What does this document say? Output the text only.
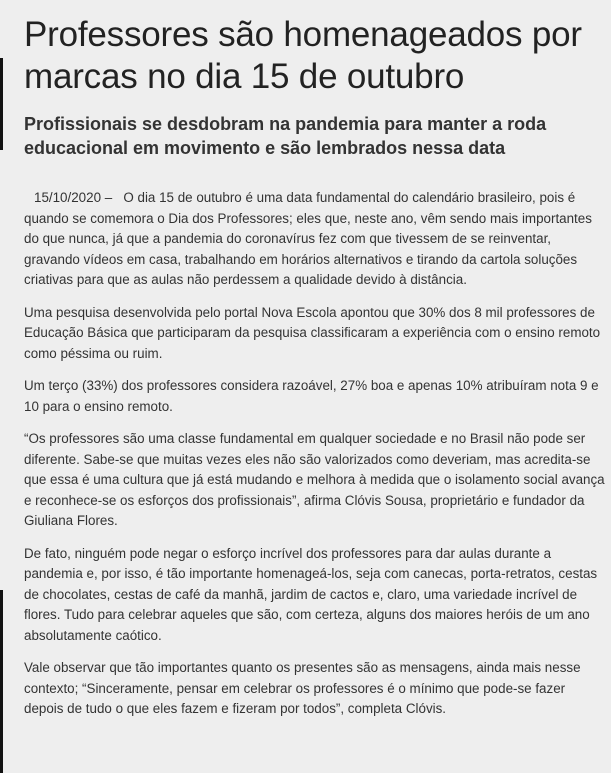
Professores são homenageados por marcas no dia 15 de outubro
Profissionais se desdobram na pandemia para manter a roda educacional em movimento e são lembrados nessa data

15/10/2020 – O dia 15 de outubro é uma data fundamental do calendário brasileiro, pois é quando se comemora o Dia dos Professores; eles que, neste ano, vêm sendo mais importantes do que nunca, já que a pandemia do coronavírus fez com que tivessem de se reinventar, gravando vídeos em casa, trabalhando em horários alternativos e tirando da cartola soluções criativas para que as aulas não perdessem a qualidade devido à distância.

Uma pesquisa desenvolvida pelo portal Nova Escola apontou que 30% dos 8 mil professores de Educação Básica que participaram da pesquisa classificaram a experiência com o ensino remoto como péssima ou ruim.

Um terço (33%) dos professores considera razoável, 27% boa e apenas 10% atribuíram nota 9 e 10 para o ensino remoto.

“Os professores são uma classe fundamental em qualquer sociedade e no Brasil não pode ser diferente. Sabe-se que muitas vezes eles não são valorizados como deveriam, mas acredita-se que essa é uma cultura que já está mudando e melhora à medida que o isolamento social avança e reconhece-se os esforços dos profissionais”, afirma Clóvis Sousa, proprietário e fundador da Giuliana Flores.

De fato, ninguém pode negar o esforço incrível dos professores para dar aulas durante a pandemia e, por isso, é tão importante homenageá-los, seja com canecas, porta-retratos, cestas de chocolates, cestas de café da manhã, jardim de cactos e, claro, uma variedade incrível de flores. Tudo para celebrar aqueles que são, com certeza, alguns dos maiores heróis de um ano absolutamente caótico.

Vale observar que tão importantes quanto os presentes são as mensagens, ainda mais nesse contexto; “Sinceramente, pensar em celebrar os professores é o mínimo que pode-se fazer depois de tudo o que eles fazem e fizeram por todos”, completa Clóvis.
